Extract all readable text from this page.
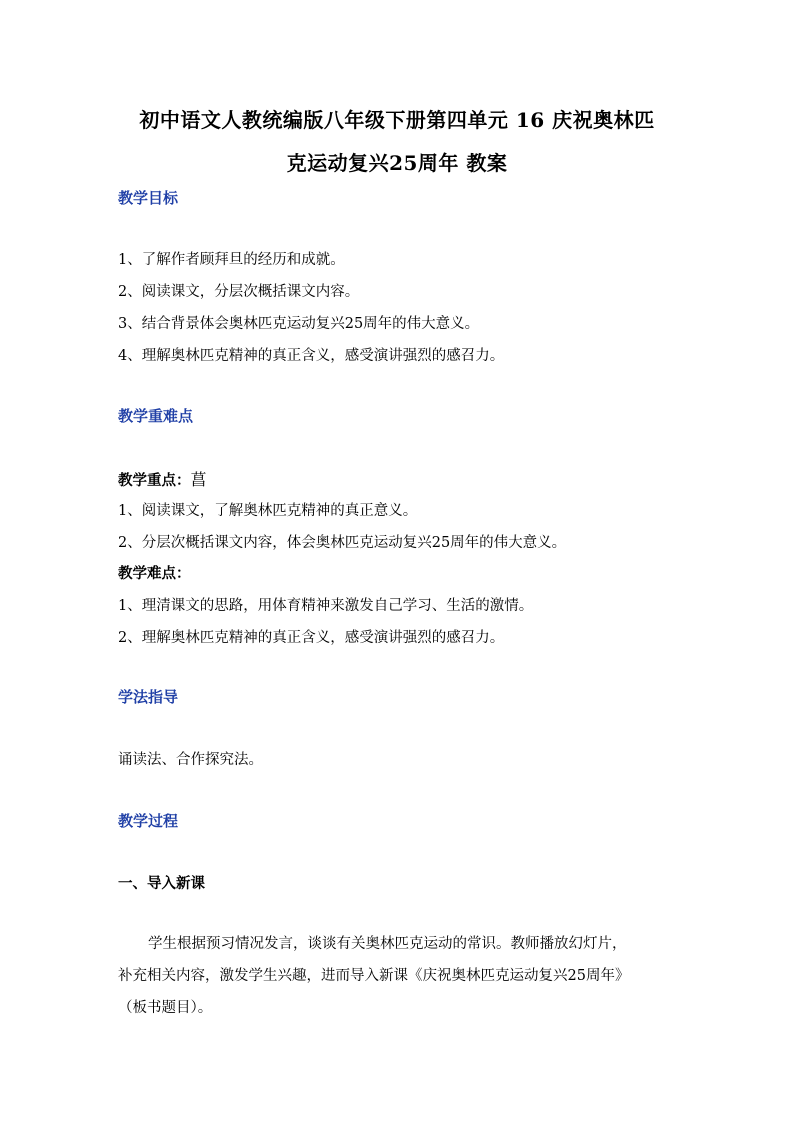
初中语文人教统编版八年级下册第四单元 16 庆祝奥林匹
克运动复兴25周年 教案
教学目标
1、了解作者顾拜旦的经历和成就。
2、阅读课文，分层次概括课文内容。
3、结合背景体会奥林匹克运动复兴25周年的伟大意义。
4、理解奥林匹克精神的真正含义，感受演讲强烈的感召力。
教学重难点
教学重点：菖
1、阅读课文，了解奥林匹克精神的真正意义。
2、分层次概括课文内容，体会奥林匹克运动复兴25周年的伟大意义。
教学难点：
1、理清课文的思路，用体育精神来激发自己学习、生活的激情。
2、理解奥林匹克精神的真正含义，感受演讲强烈的感召力。
学法指导
诵读法、合作探究法。
教学过程
一、导入新课
学生根据预习情况发言，谈谈有关奥林匹克运动的常识。教师播放幻灯片，
补充相关内容，激发学生兴趣，进而导入新课《庆祝奥林匹克运动复兴25周年》
（板书题目）。
